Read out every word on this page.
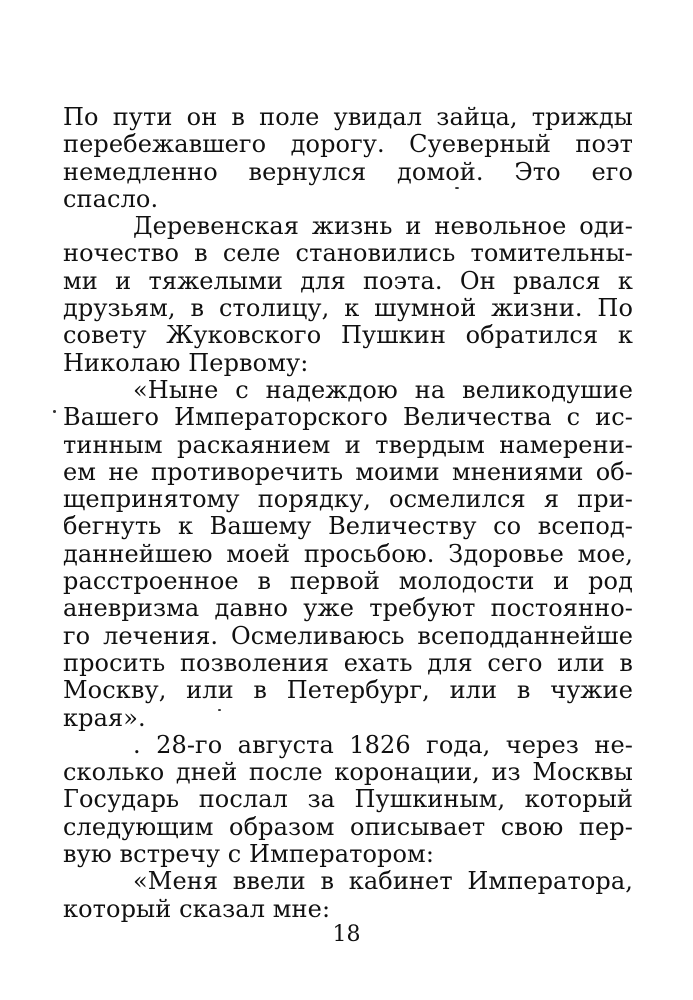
По пути он в поле увидал зайца, трижды
перебежавшего дорогу. Суеверный поэт
немедленно вернулся домой. Это его
спасло.
Деревенская жизнь и невольное оди-
ночество в селе становились томительны-
ми и тяжелыми для поэта. Он рвался к
друзьям, в столицу, к шумной жизни. По
совету Жуковского Пушкин обратился к
Николаю Первому:
«Ныне с надеждою на великодушие
Вашего Императорского Величества с ис-
тинным раскаянием и твердым намерени-
ем не противоречить моими мнениями об-
щепринятому порядку, осмелился я при-
бегнуть к Вашему Величеству со всепод-
даннейшею моей просьбою. Здоровье мое,
расстроенное в первой молодости и род
аневризма давно уже требуют постоянно-
го лечения. Осмеливаюсь всеподданнейше
просить позволения ехать для сего или в
Москву, или в Петербург, или в чужие
края».
. 28-го августа 1826 года, через не-
сколько дней после коронации, из Москвы
Государь послал за Пушкиным, который
следующим образом описывает свою пер-
вую встречу с Императором:
«Меня ввели в кабинет Императора,
который сказал мне:
18
